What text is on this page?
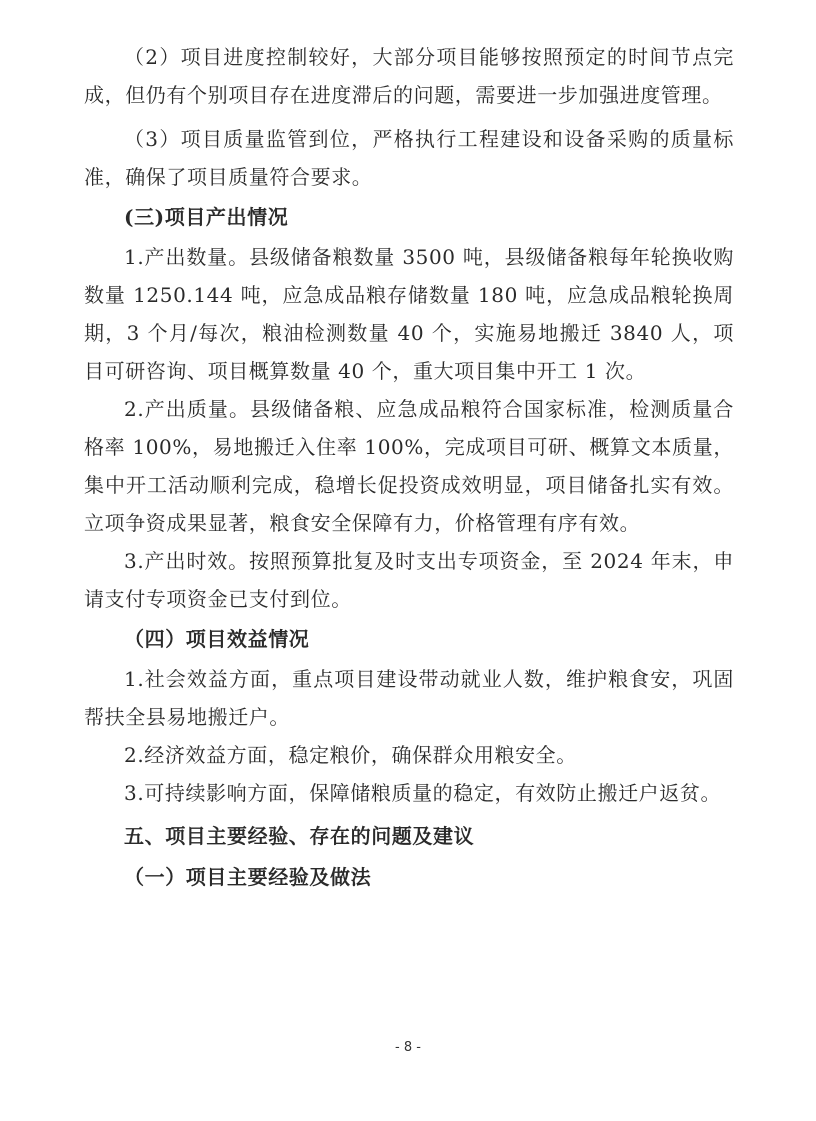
（2）项目进度控制较好，大部分项目能够按照预定的时间节点完成，但仍有个别项目存在进度滞后的问题，需要进一步加强进度管理。

（3）项目质量监管到位，严格执行工程建设和设备采购的质量标准，确保了项目质量符合要求。

(三)项目产出情况

1.产出数量。县级储备粮数量 3500 吨，县级储备粮每年轮换收购数量 1250.144 吨，应急成品粮存储数量 180 吨，应急成品粮轮换周期，3 个月/每次，粮油检测数量 40 个，实施易地搬迁 3840 人，项目可研咨询、项目概算数量 40 个，重大项目集中开工 1 次。

2.产出质量。县级储备粮、应急成品粮符合国家标准，检测质量合格率 100%，易地搬迁入住率 100%，完成项目可研、概算文本质量，集中开工活动顺利完成，稳增长促投资成效明显，项目储备扎实有效。立项争资成果显著，粮食安全保障有力，价格管理有序有效。

3.产出时效。按照预算批复及时支出专项资金，至 2024 年末，申请支付专项资金已支付到位。

（四）项目效益情况

1.社会效益方面，重点项目建设带动就业人数，维护粮食安，巩固帮扶全县易地搬迁户。

2.经济效益方面，稳定粮价，确保群众用粮安全。

3.可持续影响方面，保障储粮质量的稳定，有效防止搬迁户返贫。

五、项目主要经验、存在的问题及建议

（一）项目主要经验及做法

- 8 -
